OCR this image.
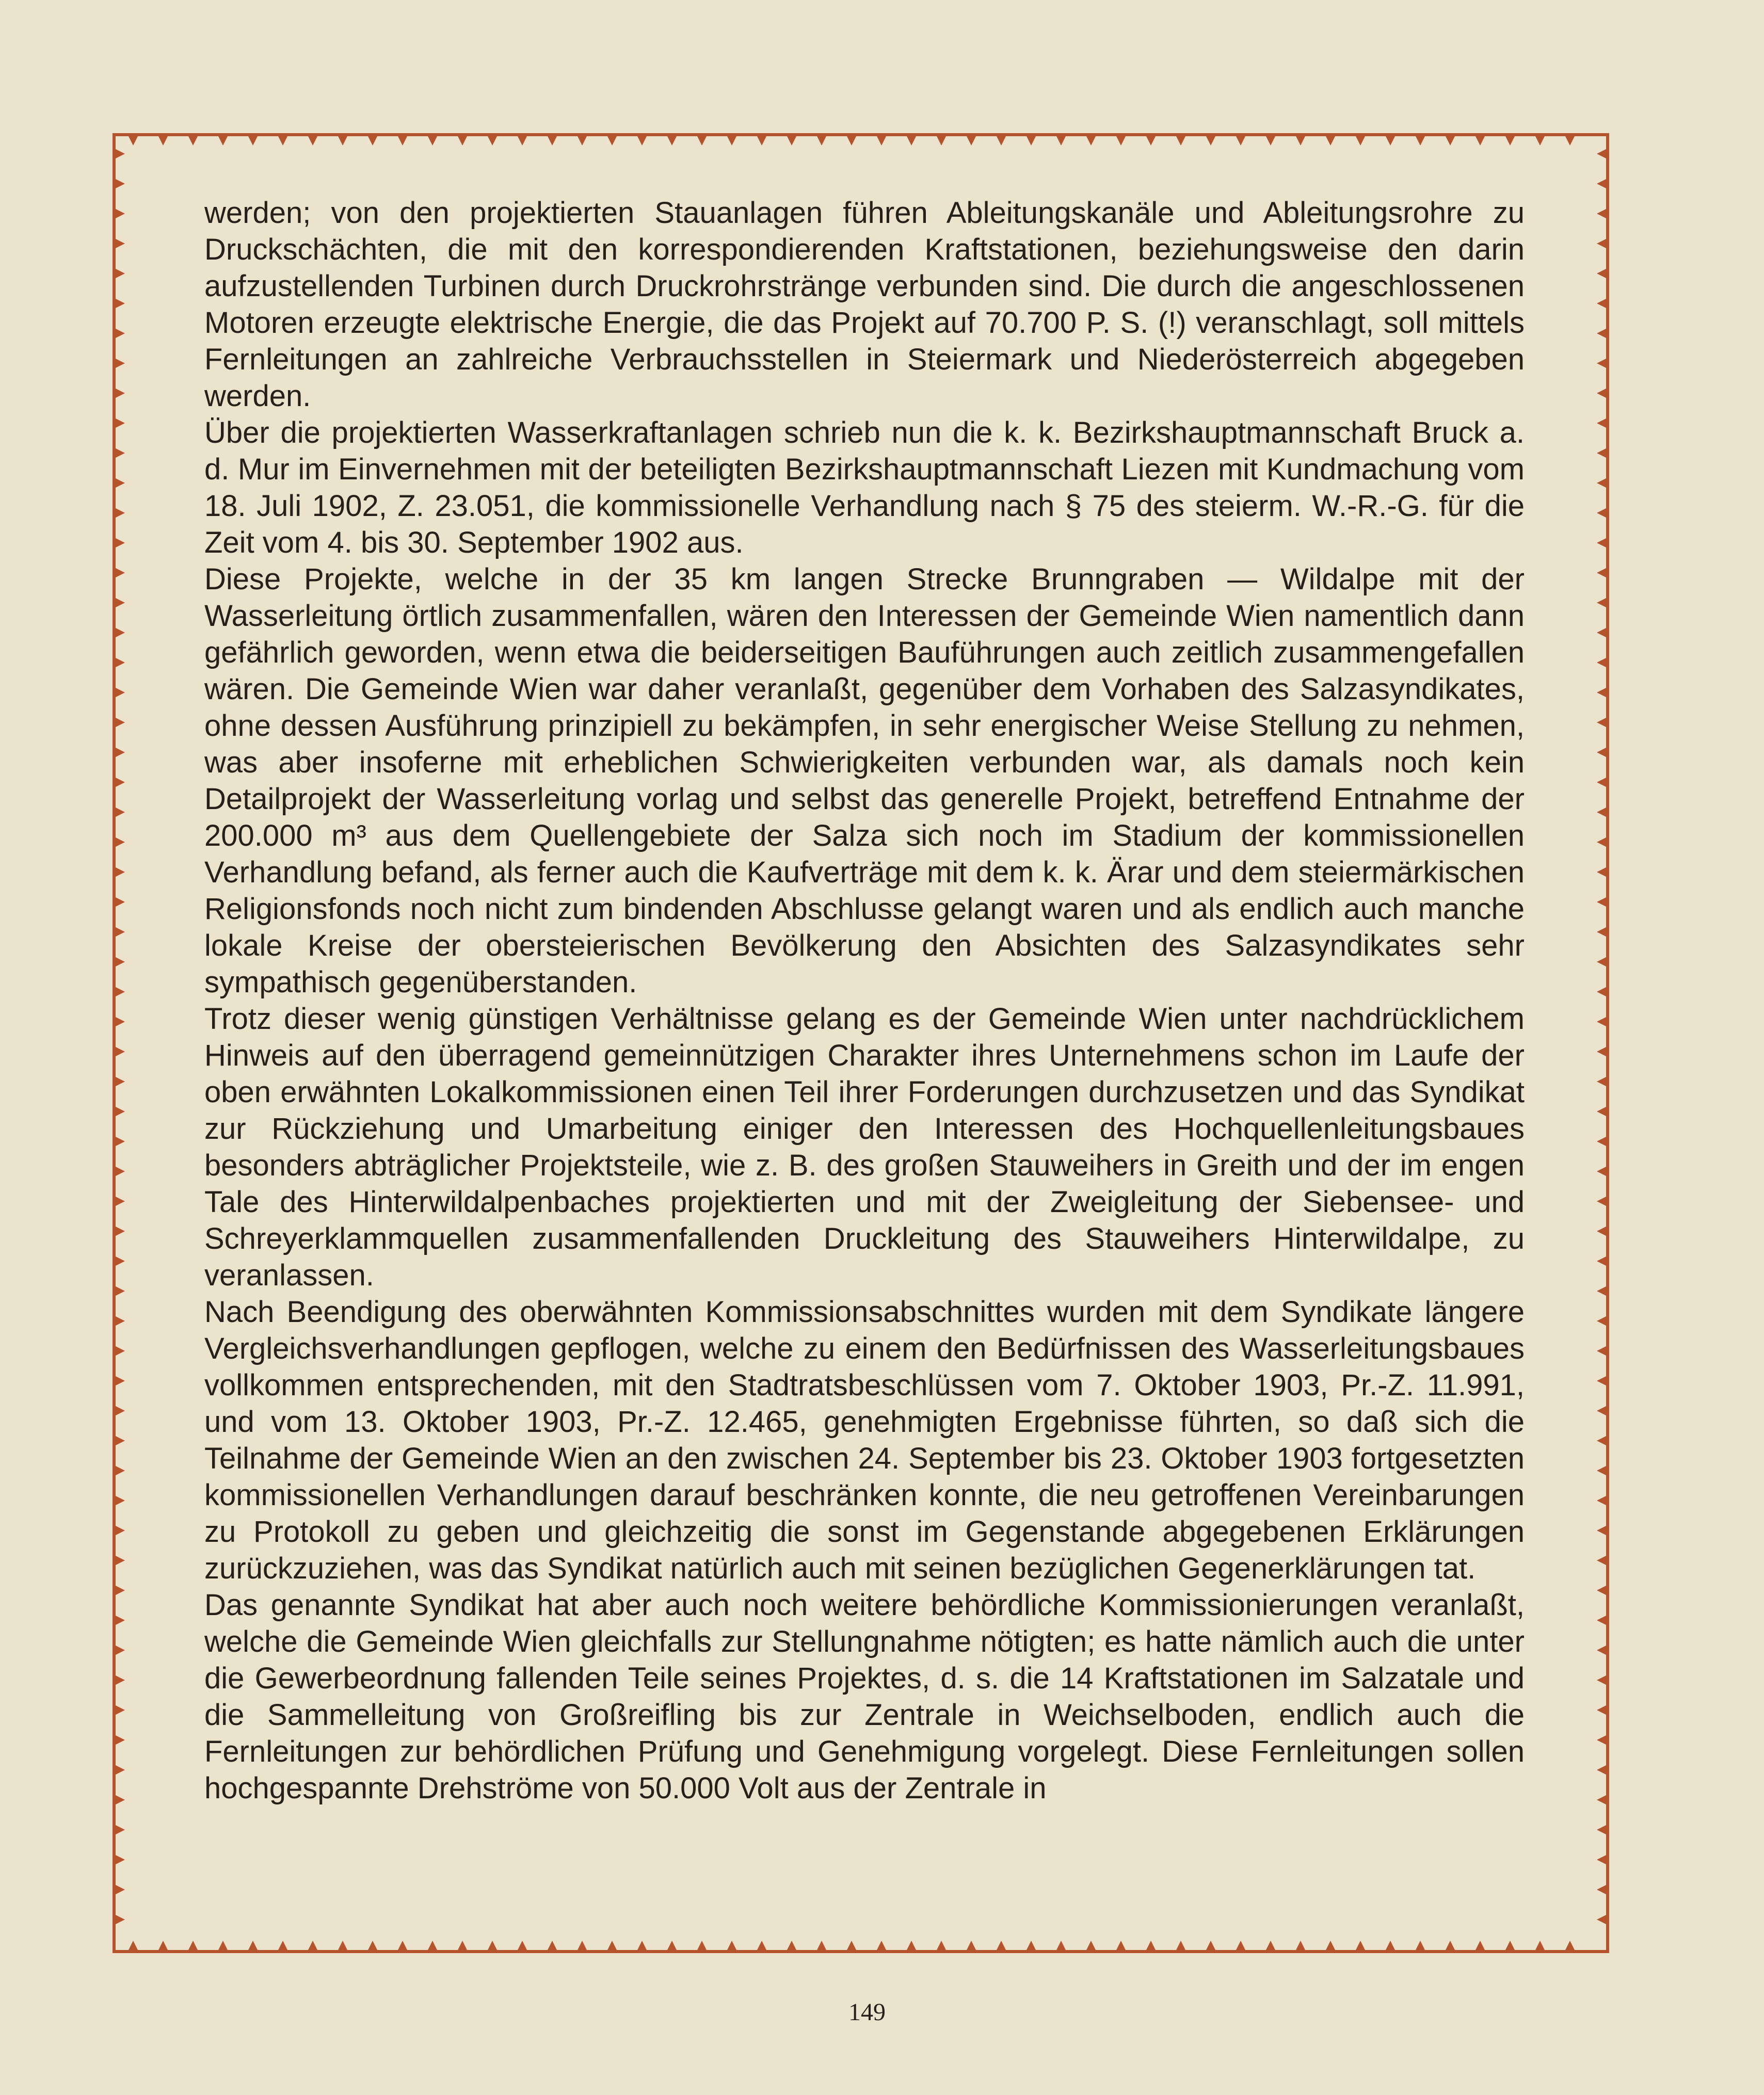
werden; von den projektierten Stauanlagen führen Ableitungskanäle und Ableitungsrohre zu Druckschächten, die mit den korrespondierenden Kraftstationen, beziehungsweise den darin aufzustellenden Turbinen durch Druckrohrstränge verbunden sind. Die durch die angeschlossenen Motoren erzeugte elektrische Energie, die das Projekt auf 70.700 P. S. (!) veranschlagt, soll mittels Fernleitungen an zahlreiche Verbrauchsstellen in Steiermark und Niederösterreich abgegeben werden.

Über die projektierten Wasserkraftanlagen schrieb nun die k. k. Bezirkshauptmannschaft Bruck a. d. Mur im Einvernehmen mit der beteiligten Bezirkshauptmannschaft Liezen mit Kundmachung vom 18. Juli 1902, Z. 23.051, die kommissionelle Verhandlung nach § 75 des steierm. W.-R.-G. für die Zeit vom 4. bis 30. September 1902 aus.

Diese Projekte, welche in der 35 km langen Strecke Brunngraben — Wildalpe mit der Wasserleitung örtlich zusammenfallen, wären den Interessen der Gemeinde Wien namentlich dann gefährlich geworden, wenn etwa die beiderseitigen Bauführungen auch zeitlich zusammengefallen wären. Die Gemeinde Wien war daher veranlaßt, gegenüber dem Vorhaben des Salzasyndikates, ohne dessen Ausführung prinzipiell zu bekämpfen, in sehr energischer Weise Stellung zu nehmen, was aber insoferne mit erheblichen Schwierigkeiten verbunden war, als damals noch kein Detailprojekt der Wasserleitung vorlag und selbst das generelle Projekt, betreffend Entnahme der 200.000 m³ aus dem Quellengebiete der Salza sich noch im Stadium der kommissionellen Verhandlung befand, als ferner auch die Kaufverträge mit dem k. k. Ärar und dem steiermärkischen Religionsfonds noch nicht zum bindenden Abschlusse gelangt waren und als endlich auch manche lokale Kreise der obersteierischen Bevölkerung den Absichten des Salzasyndikates sehr sympathisch gegenüberstanden.

Trotz dieser wenig günstigen Verhältnisse gelang es der Gemeinde Wien unter nachdrücklichem Hinweis auf den überragend gemeinnützigen Charakter ihres Unternehmens schon im Laufe der oben erwähnten Lokalkommissionen einen Teil ihrer Forderungen durchzusetzen und das Syndikat zur Rückziehung und Umarbeitung einiger den Interessen des Hochquellenleitungsbaues besonders abträglicher Projektsteile, wie z. B. des großen Stauweihers in Greith und der im engen Tale des Hinterwildalpenbaches projektierten und mit der Zweigleitung der Siebensee- und Schreyerklammquellen zusammenfallenden Druckleitung des Stauweihers Hinterwildalpe, zu veranlassen.

Nach Beendigung des oberwähnten Kommissionsabschnittes wurden mit dem Syndikate längere Vergleichsverhandlungen gepflogen, welche zu einem den Bedürfnissen des Wasserleitungsbaues vollkommen entsprechenden, mit den Stadtratsbeschlüssen vom 7. Oktober 1903, Pr.-Z. 11.991, und vom 13. Oktober 1903, Pr.-Z. 12.465, genehmigten Ergebnisse führten, so daß sich die Teilnahme der Gemeinde Wien an den zwischen 24. September bis 23. Oktober 1903 fortgesetzten kommissionellen Verhandlungen darauf beschränken konnte, die neu getroffenen Vereinbarungen zu Protokoll zu geben und gleichzeitig die sonst im Gegenstande abgegebenen Erklärungen zurückzuziehen, was das Syndikat natürlich auch mit seinen bezüglichen Gegenerklärungen tat.

Das genannte Syndikat hat aber auch noch weitere behördliche Kommissionierungen veranlaßt, welche die Gemeinde Wien gleichfalls zur Stellungnahme nötigten; es hatte nämlich auch die unter die Gewerbeordnung fallenden Teile seines Projektes, d. s. die 14 Kraftstationen im Salzatale und die Sammelleitung von Großreifling bis zur Zentrale in Weichselboden, endlich auch die Fernleitungen zur behördlichen Prüfung und Genehmigung vorgelegt. Diese Fernleitungen sollen hochgespannte Drehströme von 50.000 Volt aus der Zentrale in

149
